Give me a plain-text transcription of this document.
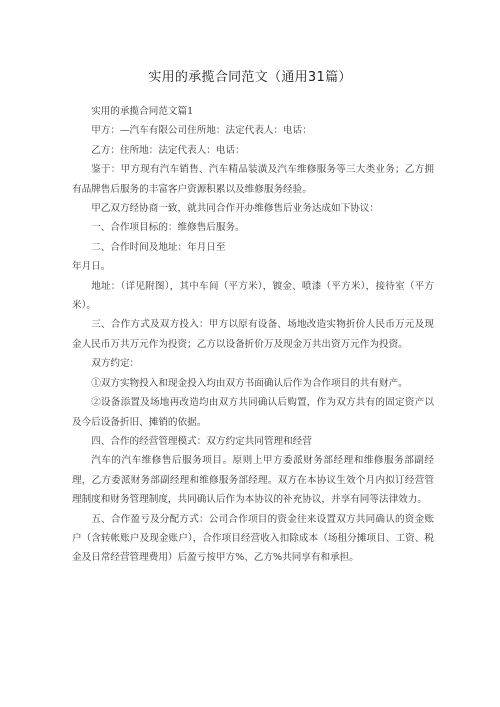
实用的承揽合同范文（通用31篇）

实用的承揽合同范文篇1

甲方：—汽车有限公司住所地：法定代表人：电话：

乙方：住所地：法定代表人：电话：

鉴于：甲方现有汽车销售、汽车精品装潢及汽车维修服务等三大类业务；乙方拥有品牌售后服务的丰富客户资源积累以及维修服务经验。

甲乙双方经协商一致，就共同合作开办维修售后业务达成如下协议：

一、合作项目标的：维修售后服务。

二、合作时间及地址：年月日至

年月日。

地址：（详见附图），其中车间（平方米），镀金、喷漆（平方米），接待室（平方米）。

三、合作方式及双方投入：甲方以原有设备、场地改造实物折价人民币万元及现金人民币万共万元作为投资；乙方以设备折价万及现金万共出资万元作为投资。

双方约定：

①双方实物投入和现金投入均由双方书面确认后作为合作项目的共有财产。

②设备添置及场地再改造均由双方共同确认后购置，作为双方共有的固定资产以及今后设备折旧、摊销的依据。

四、合作的经营管理模式：双方约定共同管理和经营

汽车的汽车维修售后服务项目。原则上甲方委派财务部经理和维修服务部副经理，乙方委派财务部副经理和维修服务部经理。双方在本协议生效个月内拟订经营管理制度和财务管理制度，共同确认后作为本协议的补充协议，并享有同等法律效力。

五、合作盈亏及分配方式：公司合作项目的资金往来设置双方共同确认的资金账户（含转帐账户及现金账户），合作项目经营收入扣除成本（场租分摊项目、工资、税金及日常经营管理费用）后盈亏按甲方%、乙方%共同享有和承担。
